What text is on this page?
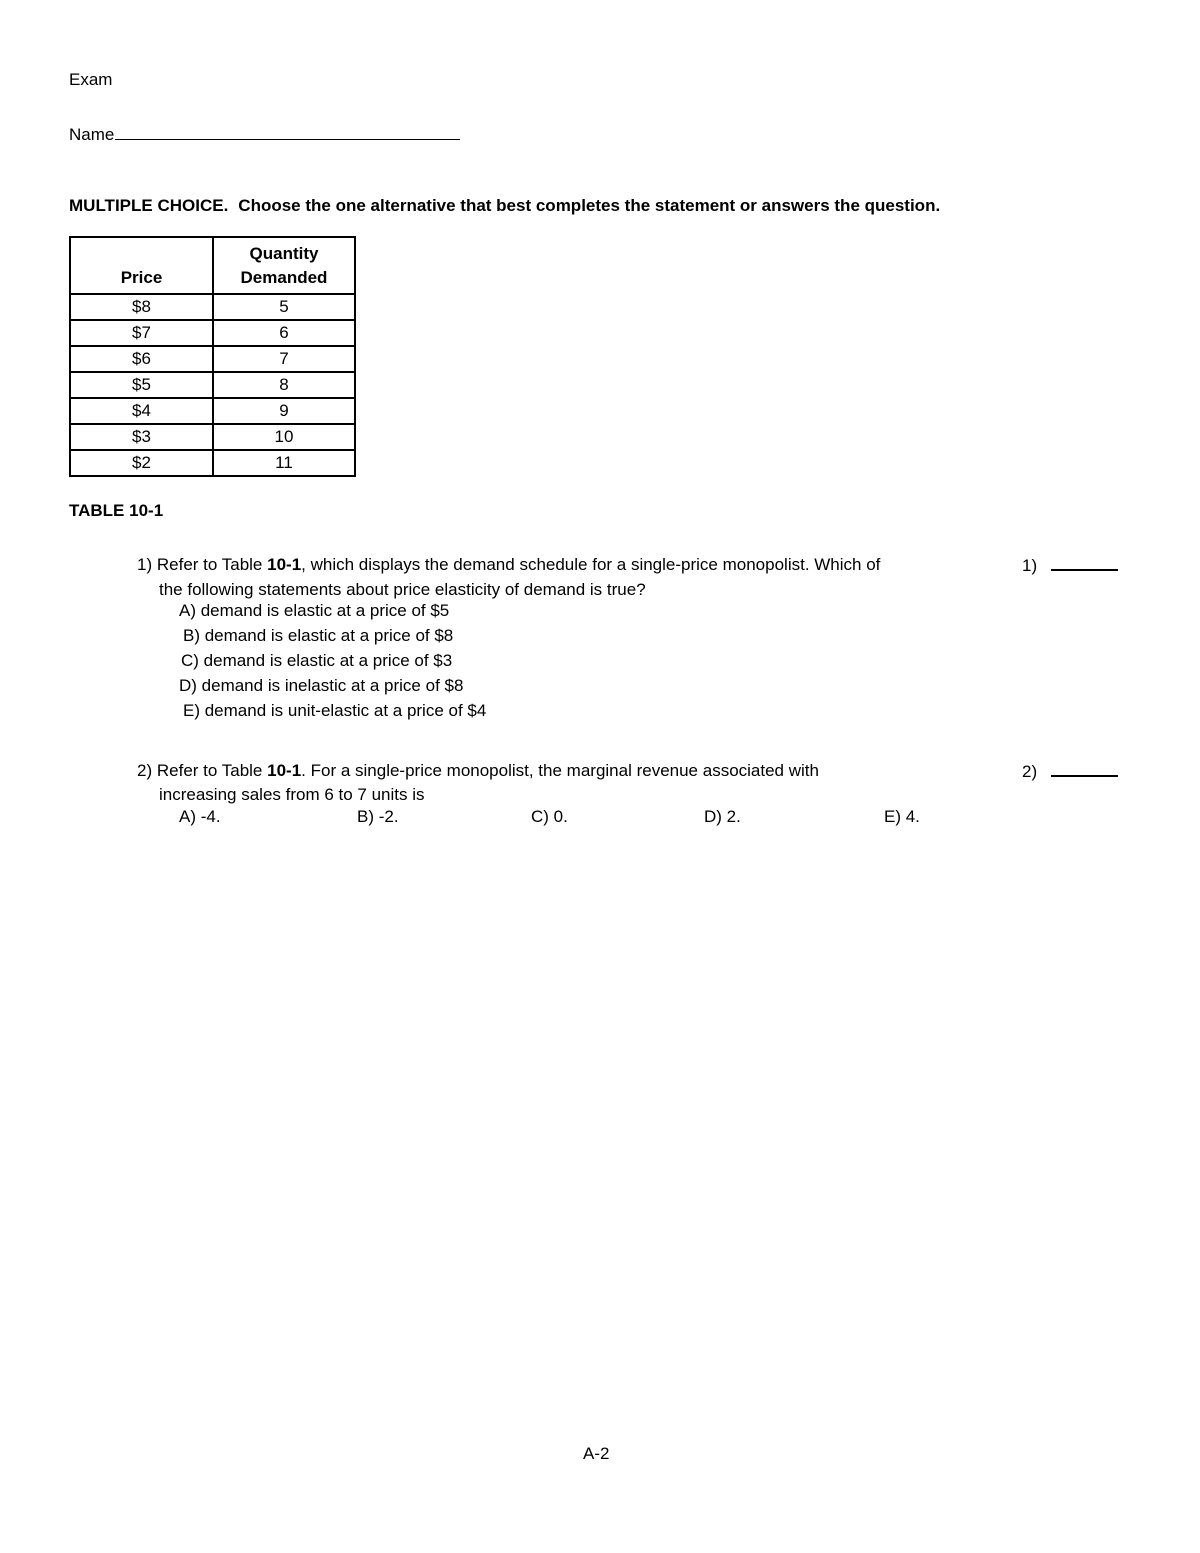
Exam
Name
MULTIPLE CHOICE. Choose the one alternative that best completes the statement or answers the question.
Price	Quantity
Demanded
$8	5
$7	6
$6	7
$5	8
$4	9
$3	10
$2	11
TABLE 10-1
1) Refer to Table 10-1, which displays the demand schedule for a single-price monopolist. Which of
the following statements about price elasticity of demand is true?
A) demand is elastic at a price of $5
B) demand is elastic at a price of $8
C) demand is elastic at a price of $3
D) demand is inelastic at a price of $8
E) demand is unit-elastic at a price of $4
1)
2) Refer to Table 10-1. For a single-price monopolist, the marginal revenue associated with
increasing sales from 6 to 7 units is
A) -4.	B) -2.	C) 0.	D) 2.	E) 4.
2)
A-2
